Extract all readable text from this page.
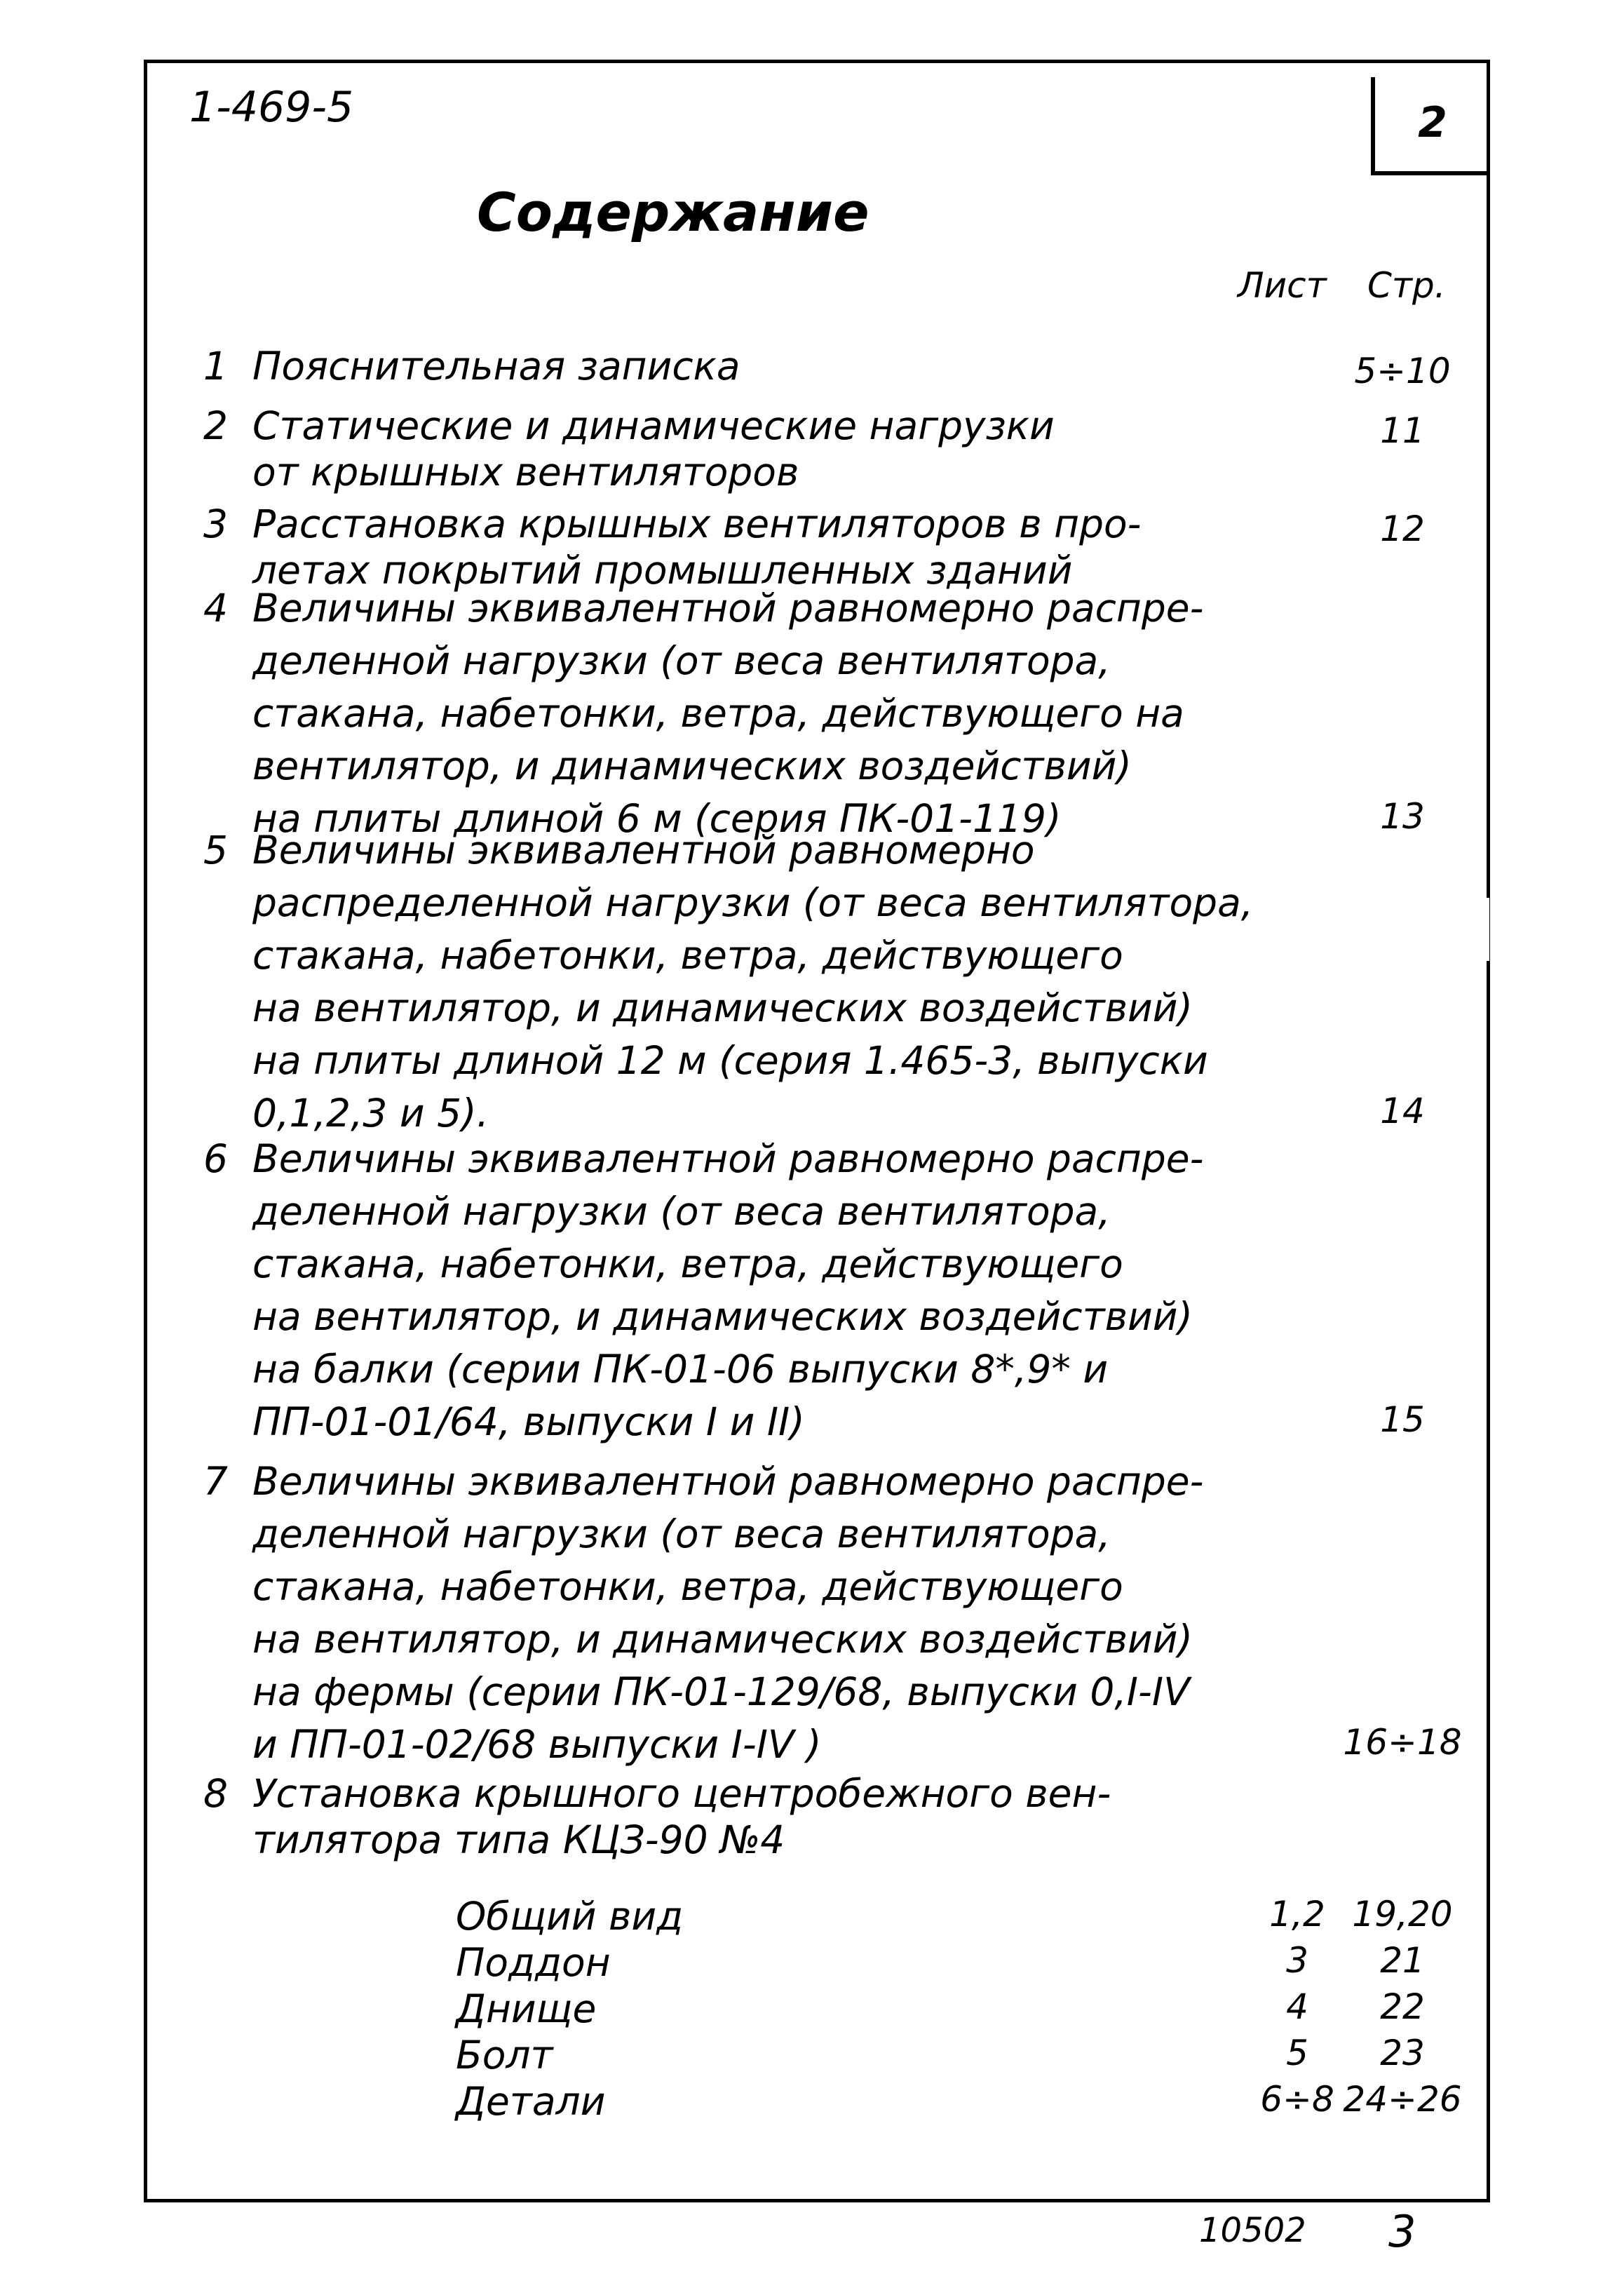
2
1-469-5
Содержание
Лист Стр.
1 Пояснительная записка	5÷10
2 Статические и динамические нагрузки
от крышных вентиляторов
11
3 Расстановка крышных вентиляторов в про-
летах покрытий промышленных зданий
12
4 Величины эквивалентной равномерно распре-
деленной нагрузки (от веса вентилятора,
стакана, набетонки, ветра, действующего на
вентилятор, и динамических воздействий)
на плиты длиной 6 м (серия ПК-01-119)	13
5 Величины эквивалентной равномерно
распределенной нагрузки (от веса вентилятора,
стакана, набетонки, ветра, действующего
на вентилятор, и динамических воздействий)
на плиты длиной 12 м (серия 1.465-3, выпуски
0,1,2,3 и 5).	14
6 Величины эквивалентной равномерно распре-
деленной нагрузки (от веса вентилятора,
стакана, набетонки, ветра, действующего
на вентилятор, и динамических воздействий)
на балки (серии ПК-01-06 выпуски 8*,9* и
ПП-01-01/64, выпуски I и II)	15
7 Величины эквивалентной равномерно распре-
деленной нагрузки (от веса вентилятора,
стакана, набетонки, ветра, действующего
на вентилятор, и динамических воздействий)
на фермы (серии ПК-01-129/68, выпуски 0,I-IV
и ПП-01-02/68 выпуски I-IV )	16÷18
8 Установка крышного центробежного вен-
тилятора типа КЦЗ-90 №4
Общий вид	1,2 19,20
Поддон	3	21
Днище	4	22
Болт	5	23
Детали	6÷8 24÷26
10502 3
